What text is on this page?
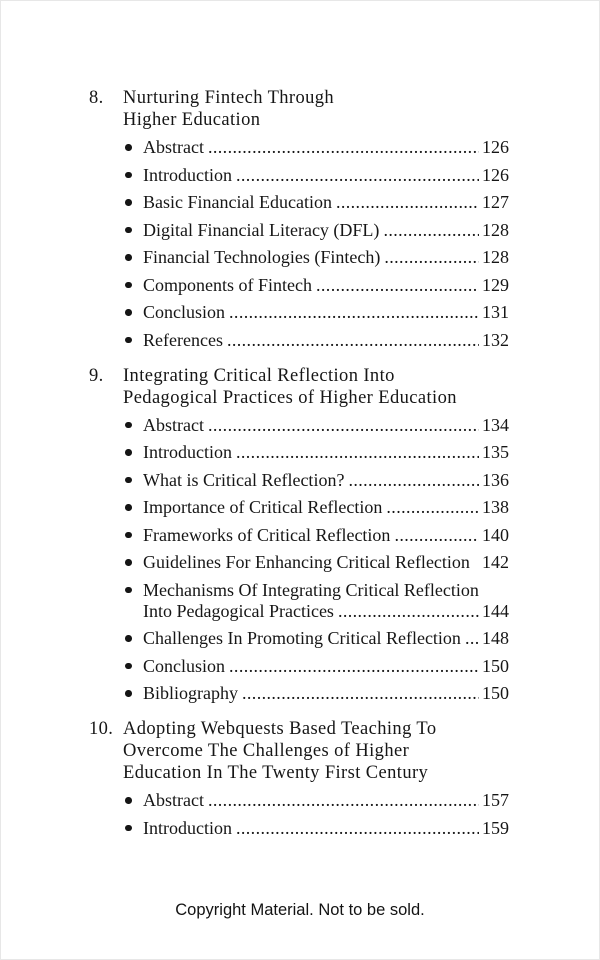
8.	Nurturing Fintech Through
Higher Education
Abstract .....	126
Introduction .....	126
Basic Financial Education .....	127
Digital Financial Literacy (DFL) .....	128
Financial Technologies (Fintech) .....	128
Components of Fintech .....	129
Conclusion .....	131
References .....	132
9.	Integrating Critical Reflection Into
Pedagogical Practices of Higher Education
Abstract .....	134
Introduction .....	135
What is Critical Reflection? .....	136
Importance of Critical Reflection .....	138
Frameworks of Critical Reflection .....	140
Guidelines For Enhancing Critical Reflection 142
Mechanisms Of Integrating Critical Reflection
Into Pedagogical Practices .....	144
Challenges In Promoting Critical Reflection ..... 148
Conclusion .....	150
Bibliography .....	150
10. Adopting Webquests Based Teaching To
Overcome The Challenges of Higher
Education In The Twenty First Century
Abstract .....	157
Introduction .....	159
Copyright Material. Not to be sold.
